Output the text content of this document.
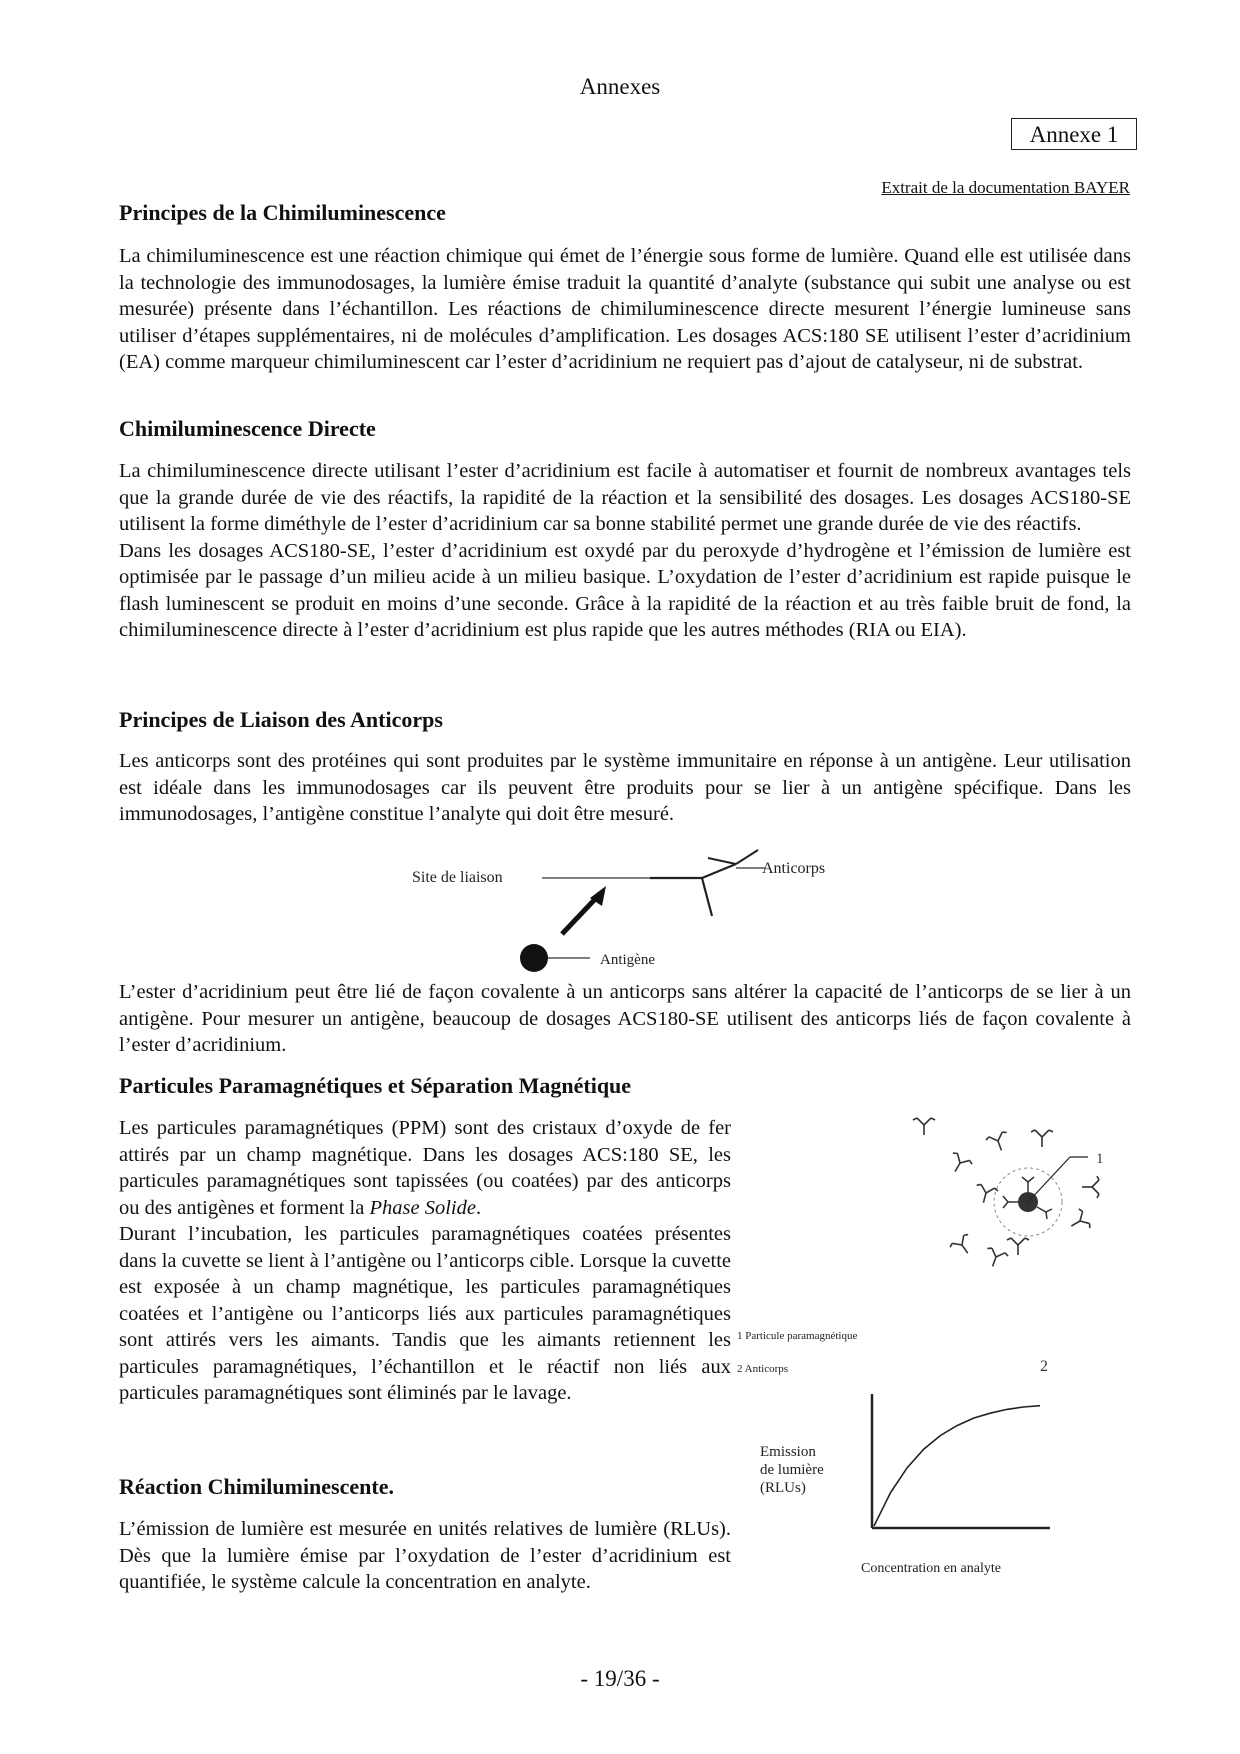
Annexes
Annexe 1
Extrait de la documentation BAYER
Principes de la Chimiluminescence

La chimiluminescence est une réaction chimique qui émet de l’énergie sous forme de lumière. Quand elle est utilisée dans la technologie des immunodosages, la lumière émise traduit la quantité d’analyte (substance qui subit une analyse ou est mesurée) présente dans l’échantillon. Les réactions de chimiluminescence directe mesurent l’énergie lumineuse sans utiliser d’étapes supplémentaires, ni de molécules d’amplification. Les dosages ACS:180 SE utilisent l’ester d’acridinium (EA) comme marqueur chimiluminescent car l’ester d’acridinium ne requiert pas d’ajout de catalyseur, ni de substrat.

Chimiluminescence Directe

La chimiluminescence directe utilisant l’ester d’acridinium est facile à automatiser et fournit de nombreux avantages tels que la grande durée de vie des réactifs, la rapidité de la réaction et la sensibilité des dosages. Les dosages ACS180-SE utilisent la forme diméthyle de l’ester d’acridinium car sa bonne stabilité permet une grande durée de vie des réactifs.

Dans les dosages ACS180-SE, l’ester d’acridinium est oxydé par du peroxyde d’hydrogène et l’émission de lumière est optimisée par le passage d’un milieu acide à un milieu basique. L’oxydation de l’ester d’acridinium est rapide puisque le flash luminescent se produit en moins d’une seconde. Grâce à la rapidité de la réaction et au très faible bruit de fond, la chimiluminescence directe à l’ester d’acridinium est plus rapide que les autres méthodes (RIA ou EIA).

Principes de Liaison des Anticorps

Les anticorps sont des protéines qui sont produites par le système immunitaire en réponse à un antigène. Leur utilisation est idéale dans les immunodosages car ils peuvent être produits pour se lier à un antigène spécifique. Dans les immunodosages, l’antigène constitue l’analyte qui doit être mesuré.

Site de liaison
Anticorps
Antigène

L’ester d’acridinium peut être lié de façon covalente à un anticorps sans altérer la capacité de l’anticorps de se lier à un antigène. Pour mesurer un antigène, beaucoup de dosages ACS180-SE utilisent des anticorps liés de façon covalente à l’ester d’acridinium.

Particules Paramagnétiques et Séparation Magnétique

Les particules paramagnétiques (PPM) sont des cristaux d’oxyde de fer attirés par un champ magnétique. Dans les dosages ACS:180 SE, les particules paramagnétiques sont tapissées (ou coatées) par des anticorps ou des antigènes et forment la Phase Solide.

Durant l’incubation, les particules paramagnétiques coatées présentes dans la cuvette se lient à l’antigène ou l’anticorps cible. Lorsque la cuvette est exposée à un champ magnétique, les particules paramagnétiques coatées et l’antigène ou l’anticorps liés aux particules paramagnétiques sont attirés vers les aimants. Tandis que les aimants retiennent les particules paramagnétiques, l’échantillon et le réactif non liés aux particules paramagnétiques sont éliminés par le lavage.

1
1 Particule paramagnétique
2 Anticorps	2
Réaction Chimiluminescente.

L’émission de lumière est mesurée en unités relatives de lumière (RLUs). Dès que la lumière émise par l’oxydation de l’ester d’acridinium est quantifiée, le système calcule la concentration en analyte.

Emission
de lumière
(RLUs)
Concentration en analyte
- 19/36 -
